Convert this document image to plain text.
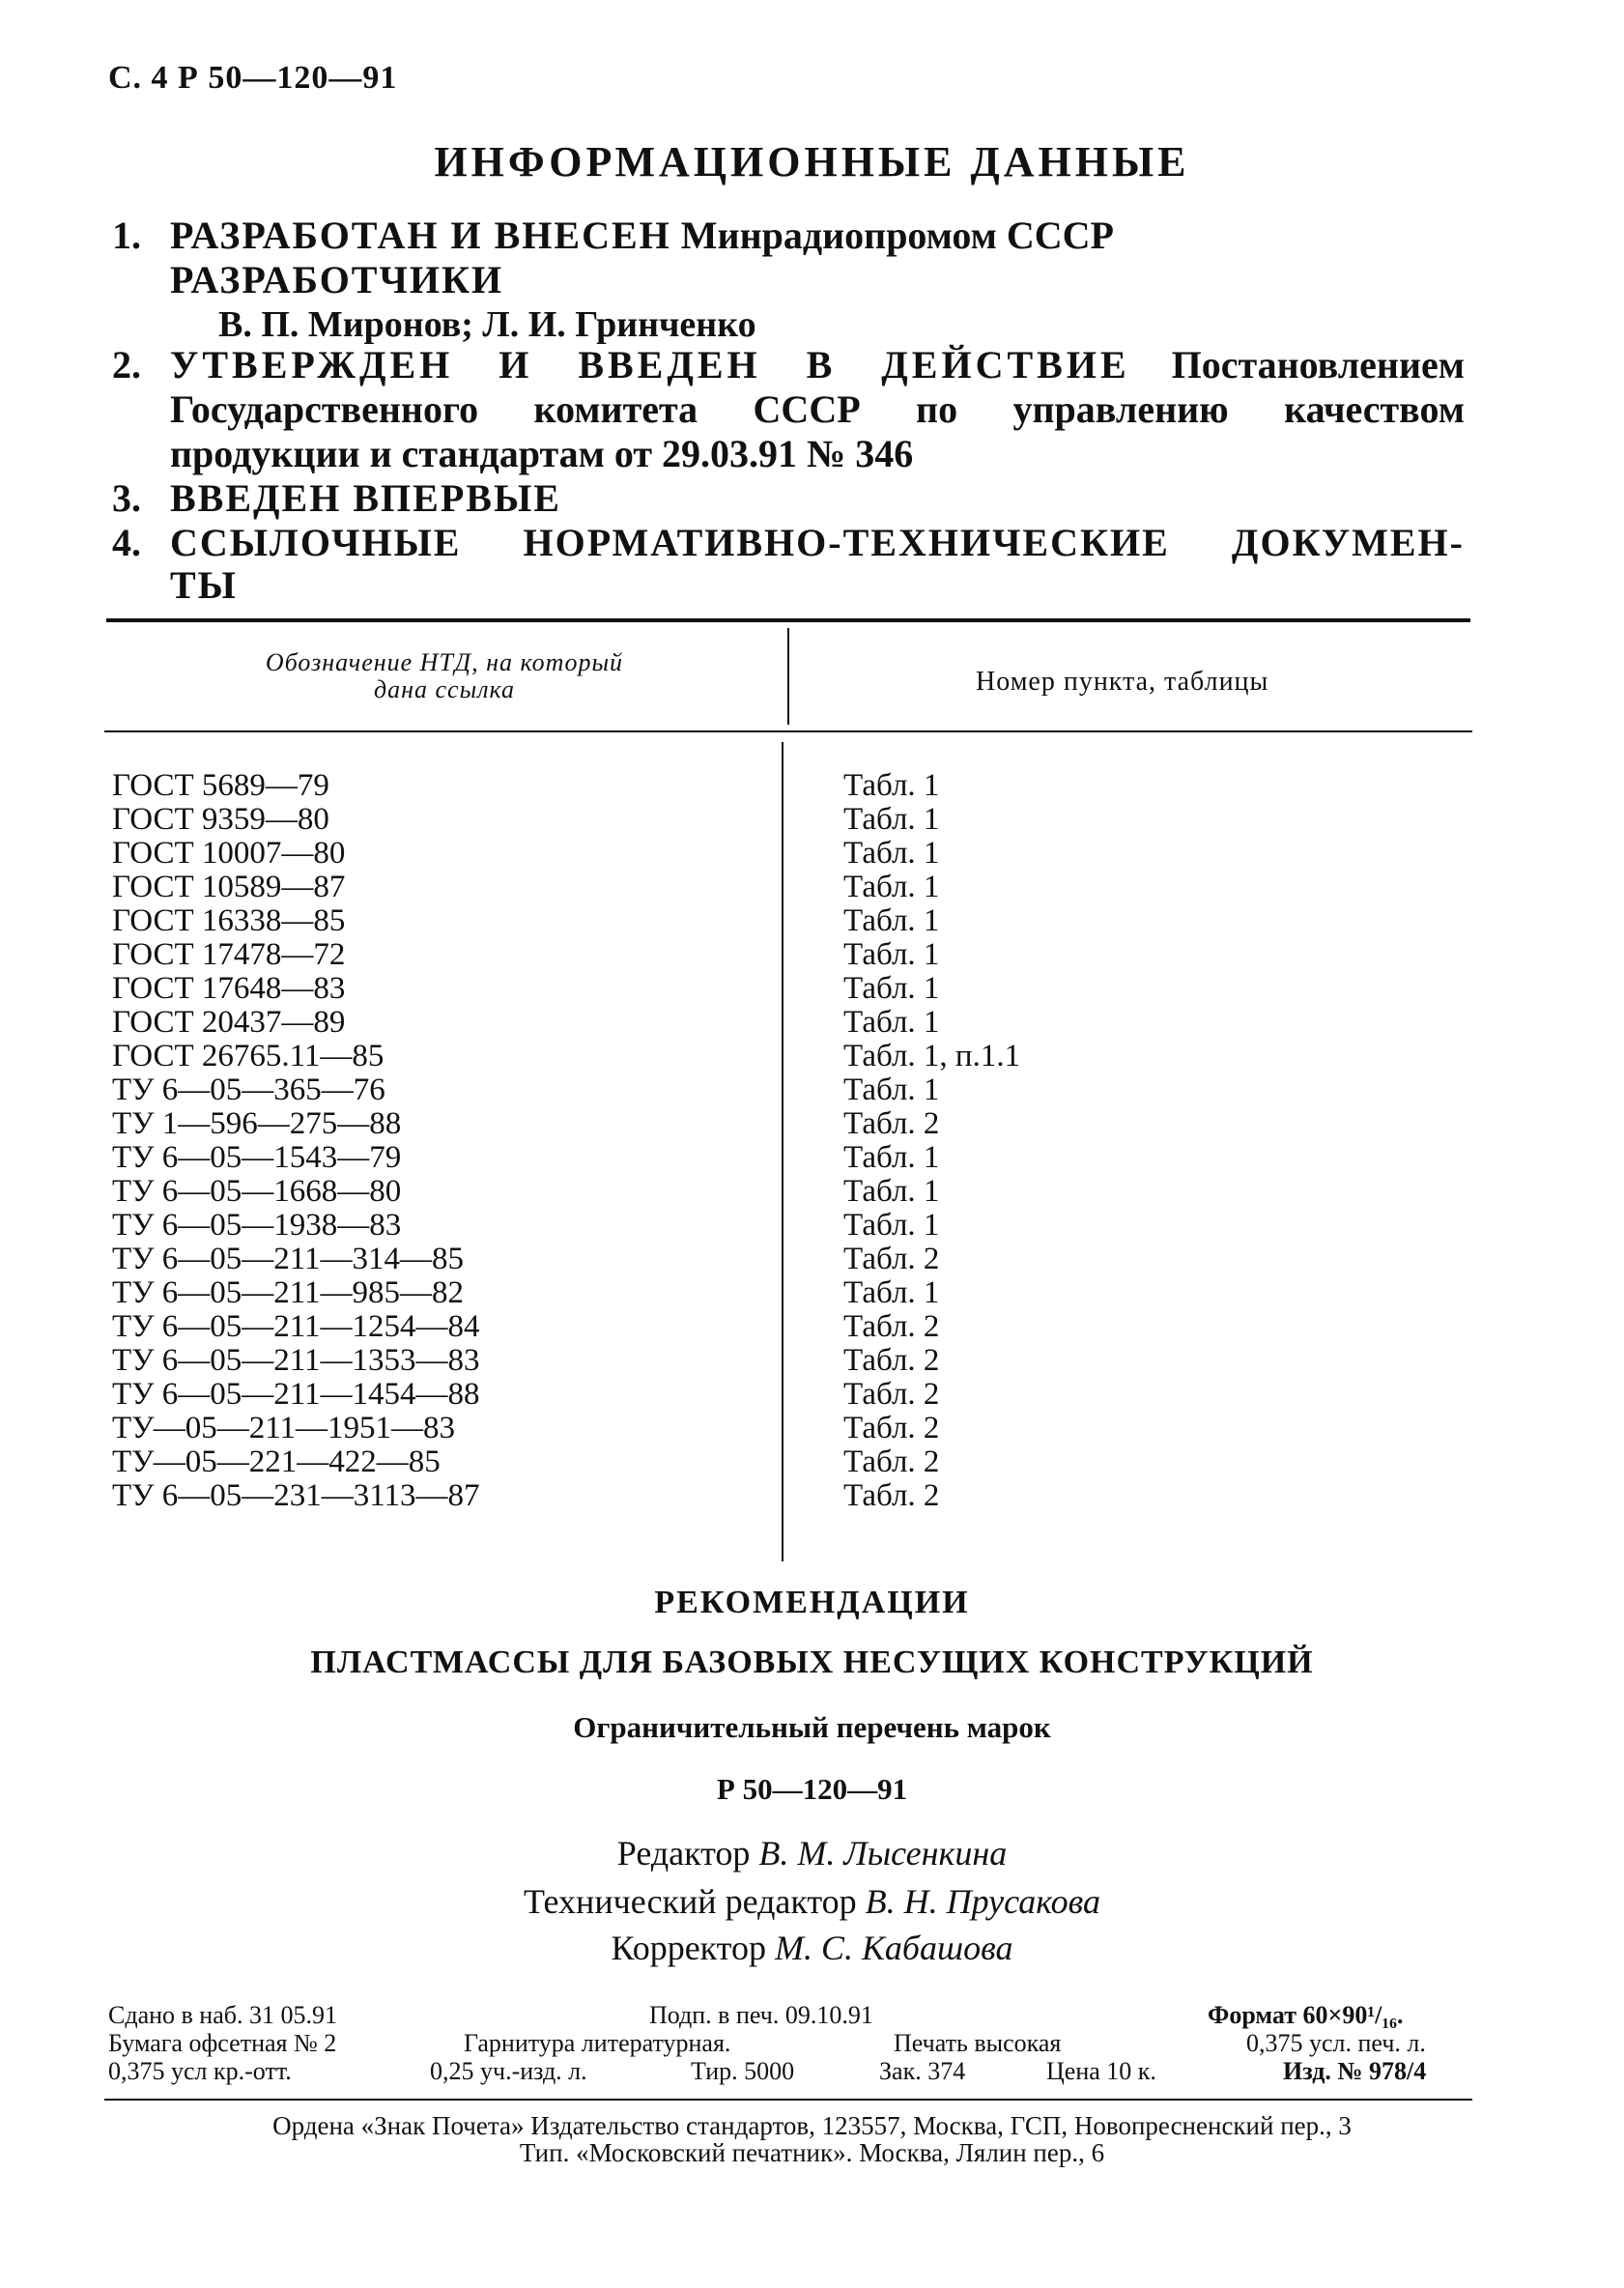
С. 4 Р 50—120—91
ИНФОРМАЦИОННЫЕ ДАННЫЕ
1. РАЗРАБОТАН И ВНЕСЕН Минрадиопромом СССР
РАЗРАБОТЧИКИ
В. П. Миронов; Л. И. Гринченко
2. УТВЕРЖДЕН И ВВЕДЕН В ДЕЙСТВИЕ Постановлением
Государственного комитета СССР по управлению качеством
продукции и стандартам от 29.03.91 № 346
3. ВВЕДЕН ВПЕРВЫЕ
4. ССЫЛОЧНЫЕ НОРМАТИВНО-ТЕХНИЧЕСКИЕ ДОКУМЕН-
ТЫ
Обозначение НТД, на который
дана ссылка	Номер пункта, таблицы
ГОСТ 5689—79	Табл. 1
ГОСТ 9359—80	Табл. 1
ГОСТ 10007—80	Табл. 1
ГОСТ 10589—87	Табл. 1
ГОСТ 16338—85	Табл. 1
ГОСТ 17478—72	Табл. 1
ГОСТ 17648—83	Табл. 1
ГОСТ 20437—89	Табл. 1
ГОСТ 26765.11—85	Табл. 1, п.1.1
ТУ 6—05—365—76	Табл. 1
ТУ 1—596—275—88	Табл. 2
ТУ 6—05—1543—79	Табл. 1
ТУ 6—05—1668—80	Табл. 1
ТУ 6—05—1938—83	Табл. 1
ТУ 6—05—211—314—85	Табл. 2
ТУ 6—05—211—985—82	Табл. 1
ТУ 6—05—211—1254—84	Табл. 2
ТУ 6—05—211—1353—83	Табл. 2
ТУ 6—05—211—1454—88	Табл. 2
ТУ—05—211—1951—83	Табл. 2
ТУ—05—221—422—85	Табл. 2
ТУ 6—05—231—3113—87	Табл. 2
РЕКОМЕНДАЦИИ
ПЛАСТМАССЫ ДЛЯ БАЗОВЫХ НЕСУЩИХ КОНСТРУКЦИЙ
Ограничительный перечень марок
Р 50—120—91
Редактор В. М. Лысенкина
Технический редактор В. Н. Прусакова
Корректор М. С. Кабашова
Сдано в наб. 31 05.91	Подп. в печ. 09.10.91	Формат 60×90¹/₁₆.
Бумага офсетная № 2	Гарнитура литературная.	Печать высокая	0,375 усл. печ. л.
0,375 усл кр.-отт.	0,25 уч.-изд. л.	Тир. 5000	Зак. 374	Цена 10 к.	Изд. № 978/4
Ордена «Знак Почета» Издательство стандартов, 123557, Москва, ГСП, Новопресненский пер., 3
Тип. «Московский печатник». Москва, Лялин пер., 6
